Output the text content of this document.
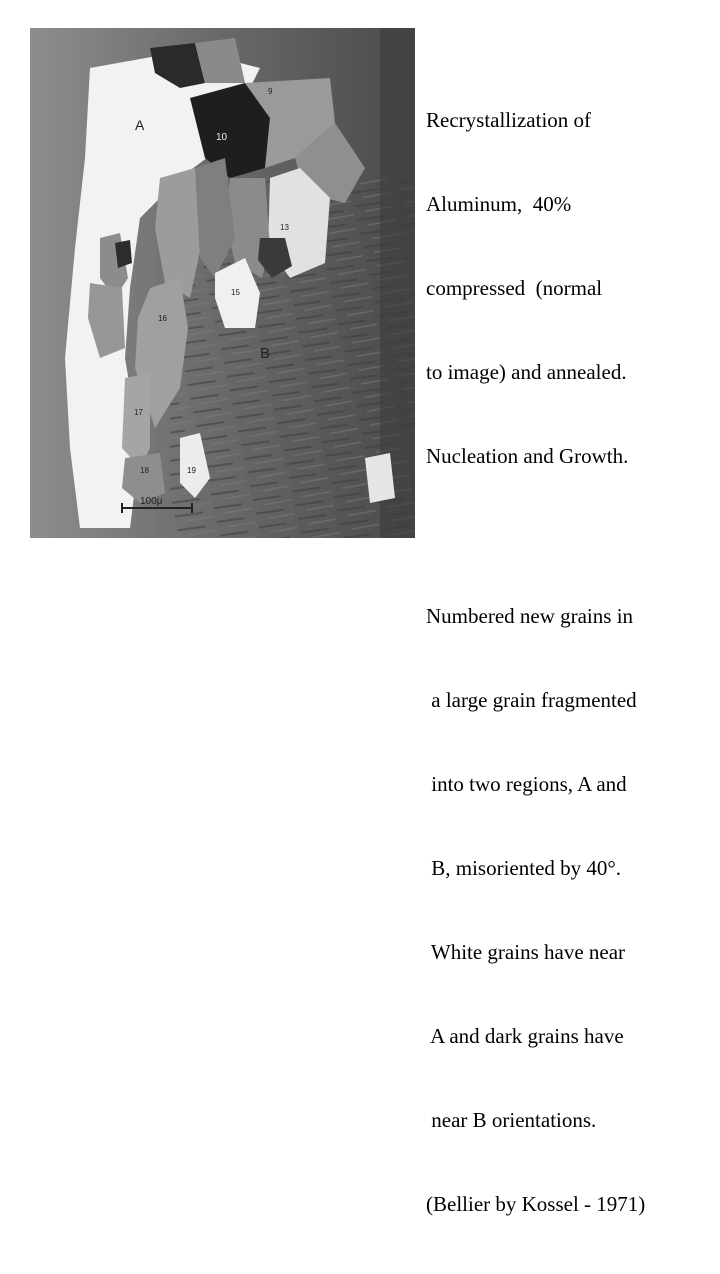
A
B
9
10
13
15
16
17
18	19
100μ

Recrystallization of

Aluminum,  40%

compressed  (normal

to image) and annealed.

Nucleation and Growth.

Numbered new grains in

a large grain fragmented

into two regions, A and

B, misoriented by 40°.

White grains have near

A and dark grains have

near B orientations.

(Bellier by Kossel - 1971)
